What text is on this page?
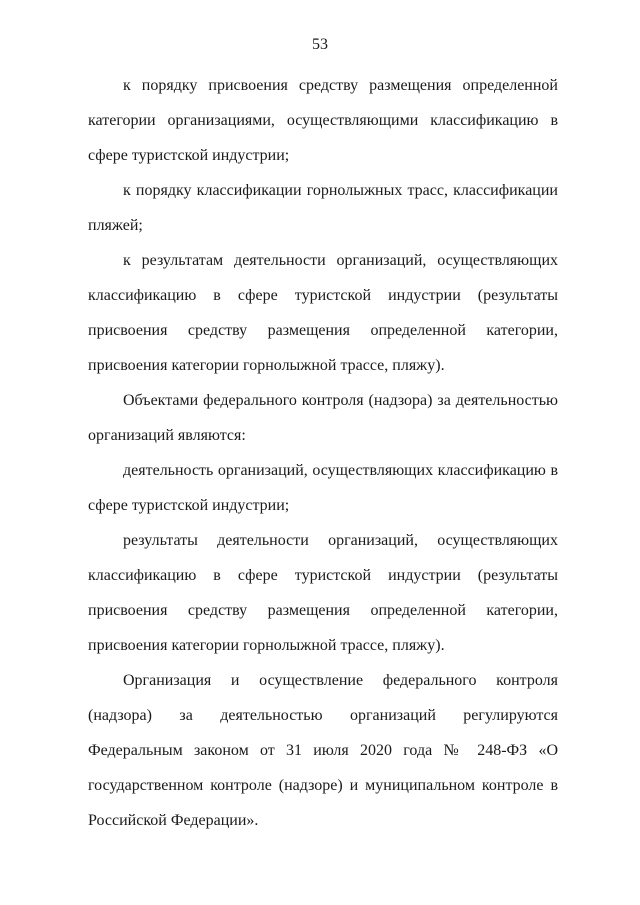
53

к порядку присвоения средству размещения определенной категории организациями, осуществляющими классификацию в сфере туристской индустрии;

к порядку классификации горнолыжных трасс, классификации пляжей;

к результатам деятельности организаций, осуществляющих классификацию в сфере туристской индустрии (результаты присвоения средству размещения определенной категории, присвоения категории горнолыжной трассе, пляжу).

Объектами федерального контроля (надзора) за деятельностью организаций являются:

деятельность организаций, осуществляющих классификацию в сфере туристской индустрии;

результаты деятельности организаций, осуществляющих классификацию в сфере туристской индустрии (результаты присвоения средству размещения определенной категории, присвоения категории горнолыжной трассе, пляжу).

Организация и осуществление федерального контроля (надзора) за деятельностью организаций регулируются Федеральным законом от 31 июля 2020 года № 248-ФЗ «О государственном контроле (надзоре) и муниципальном контроле в Российской Федерации».
